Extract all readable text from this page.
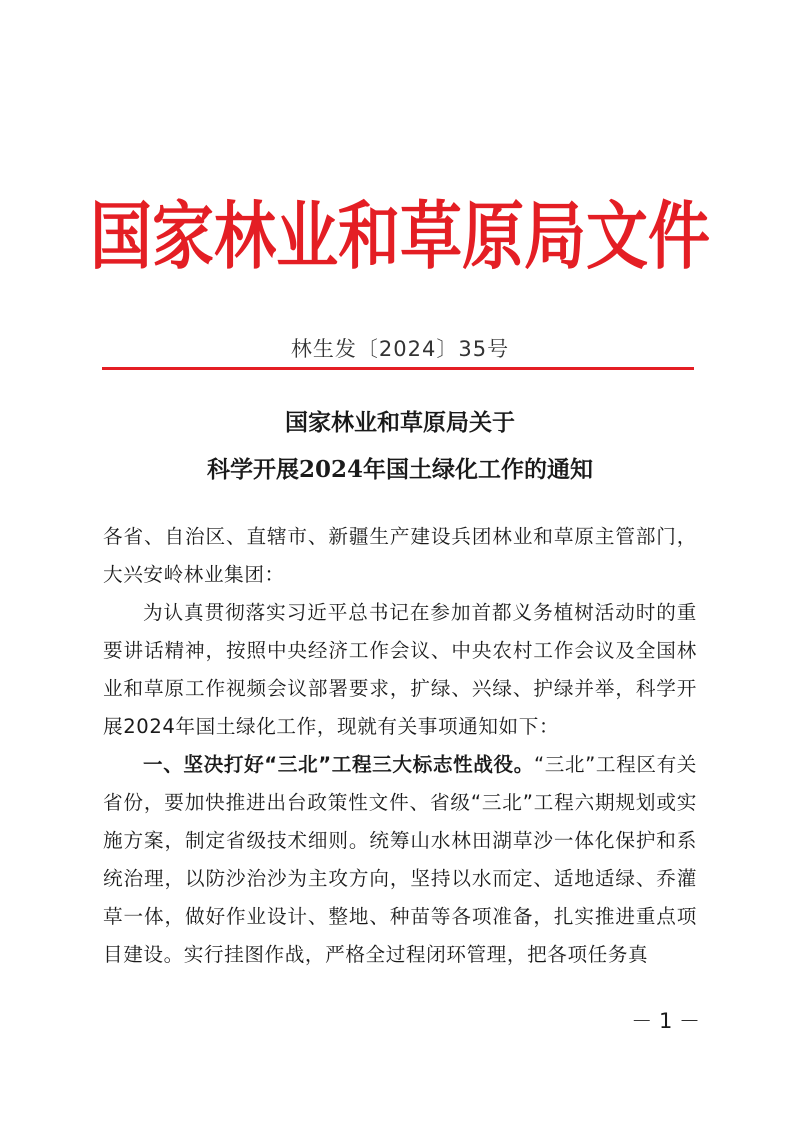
国家林业和草原局文件
林生发〔2024〕35号
国家林业和草原局关于
科学开展2024年国土绿化工作的通知

各省、自治区、直辖市、新疆生产建设兵团林业和草原主管部门，大兴安岭林业集团：

为认真贯彻落实习近平总书记在参加首都义务植树活动时的重要讲话精神，按照中央经济工作会议、中央农村工作会议及全国林业和草原工作视频会议部署要求，扩绿、兴绿、护绿并举，科学开展2024年国土绿化工作，现就有关事项通知如下：

一、坚决打好“三北”工程三大标志性战役。“三北”工程区有关省份，要加快推进出台政策性文件、省级“三北”工程六期规划或实施方案，制定省级技术细则。统筹山水林田湖草沙一体化保护和系统治理，以防沙治沙为主攻方向，坚持以水而定、适地适绿、乔灌草一体，做好作业设计、整地、种苗等各项准备，扎实推进重点项目建设。实行挂图作战，严格全过程闭环管理，把各项任务真

－ 1 －
